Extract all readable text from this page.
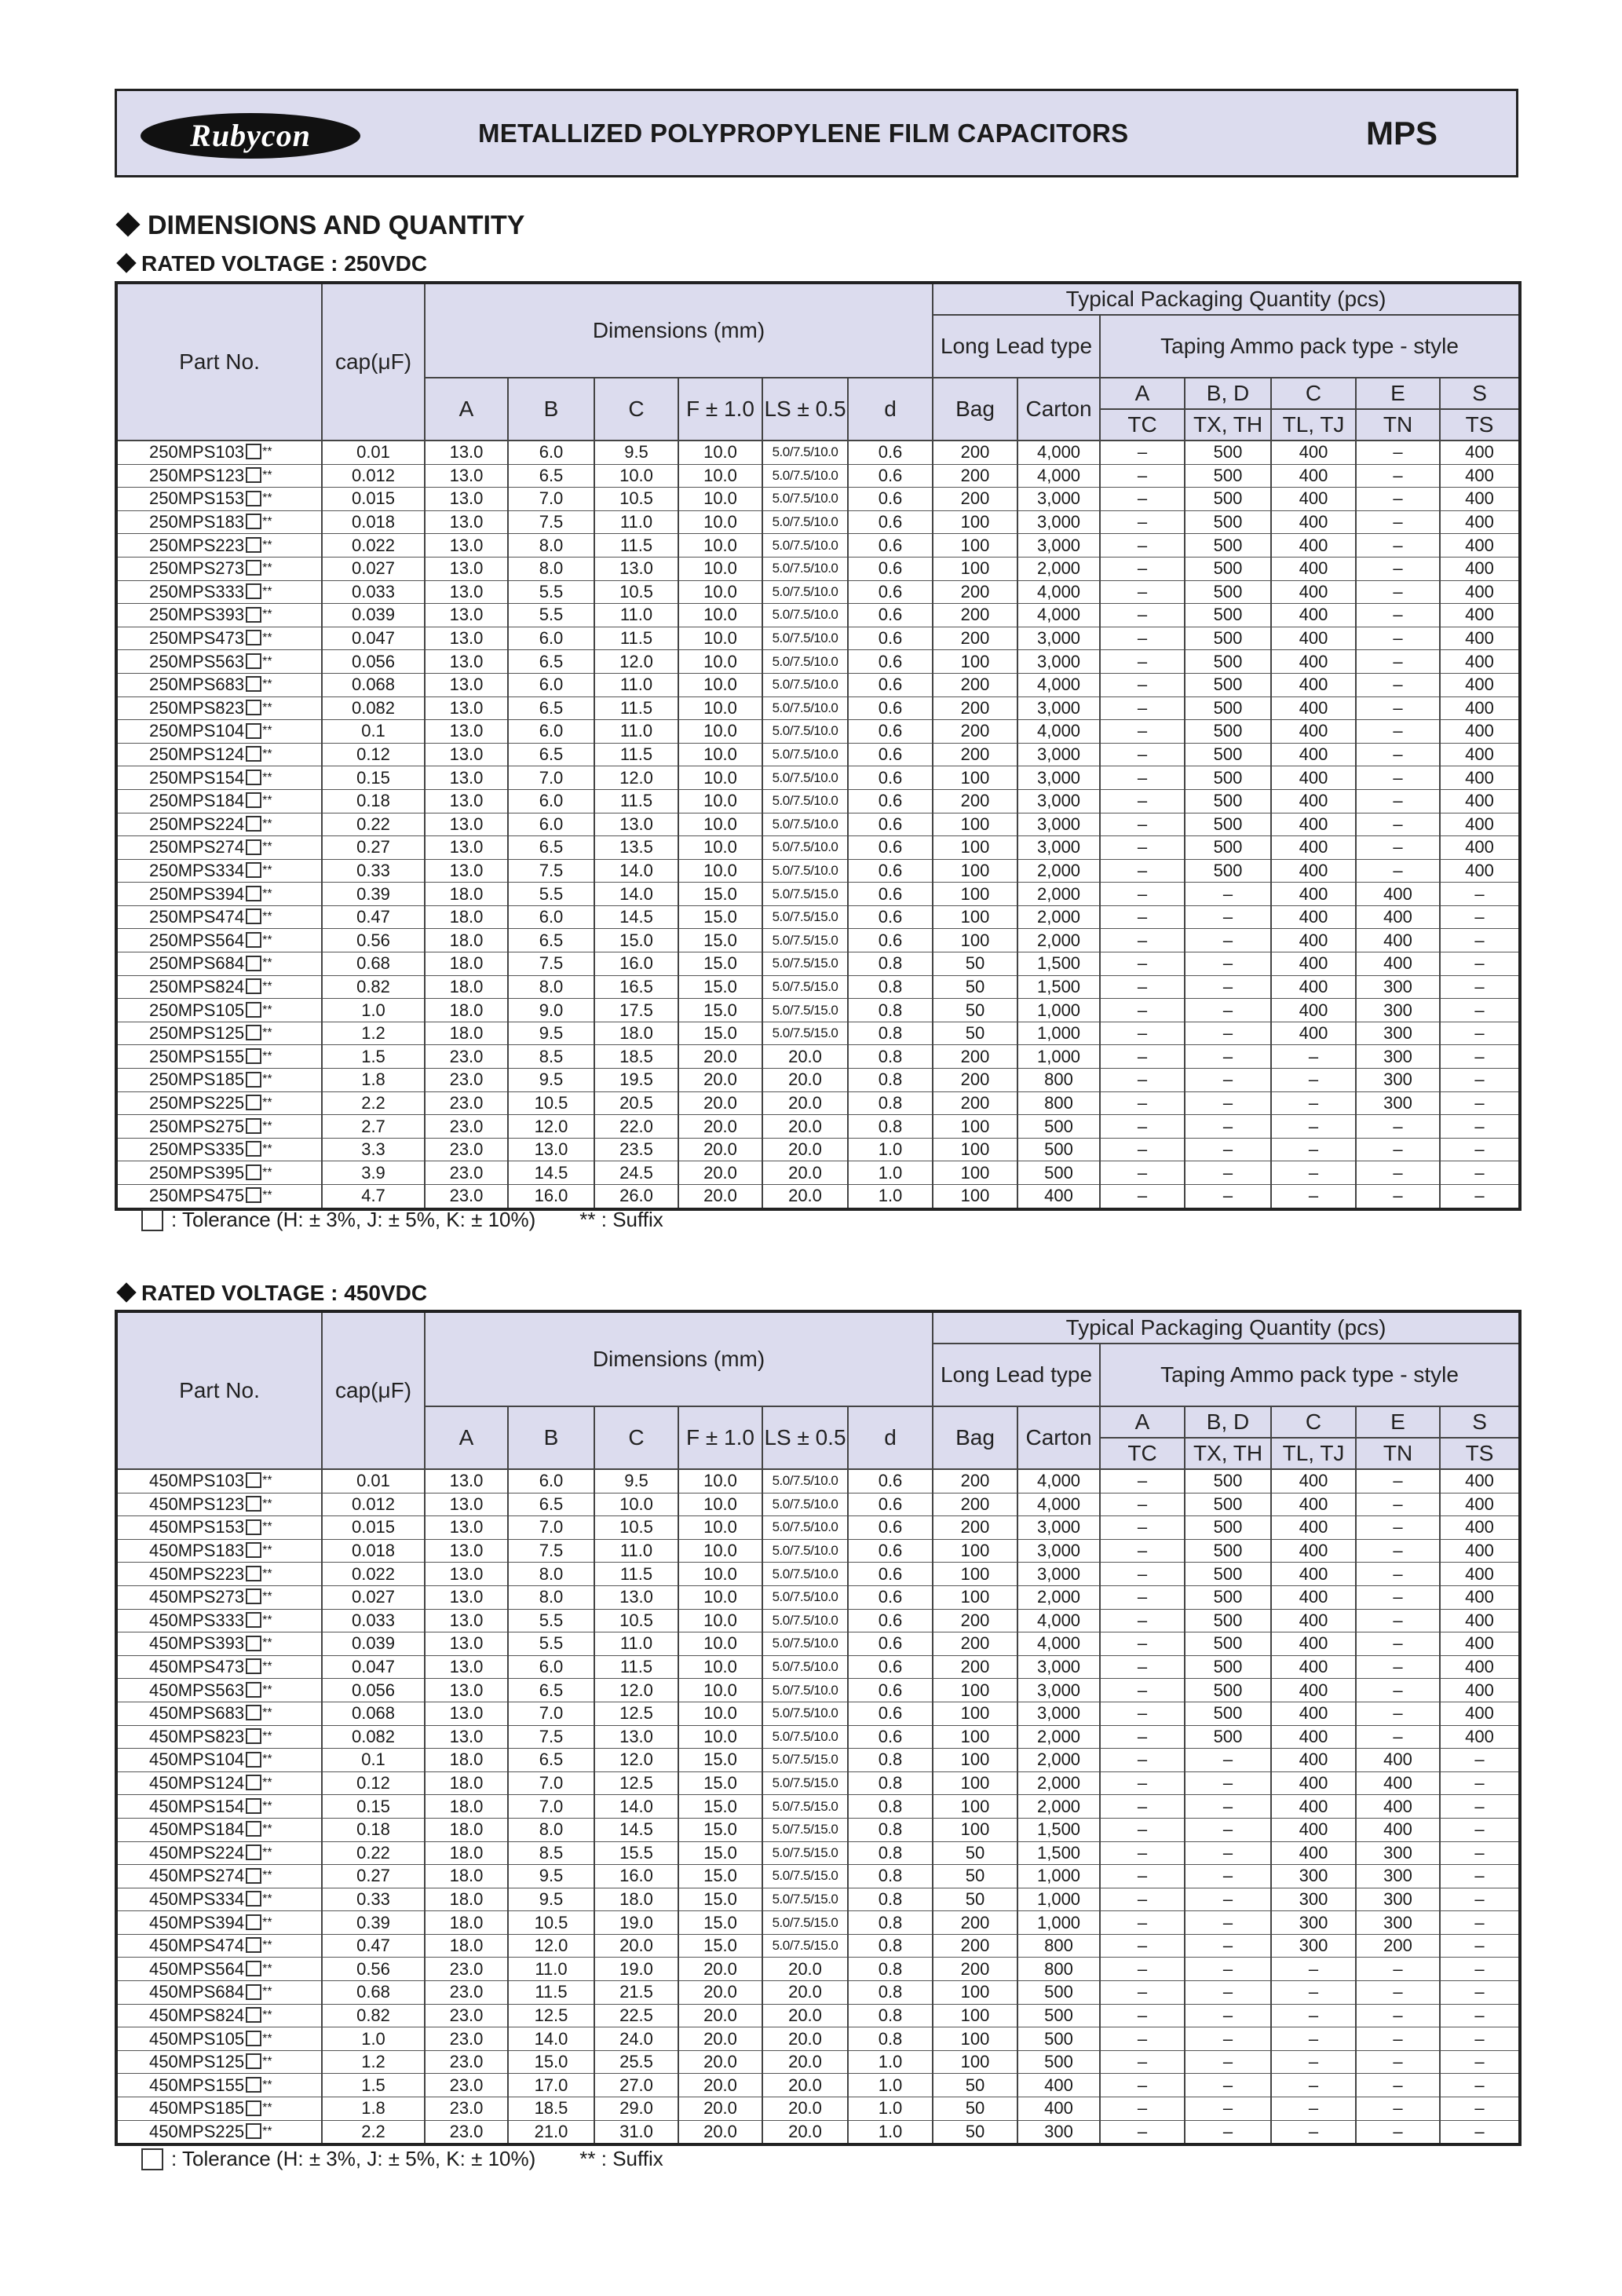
Rubycon	METALLIZED POLYPROPYLENE FILM CAPACITORS	MPS
DIMENSIONS AND QUANTITY
RATED VOLTAGE : 250VDC
Part No.	cap(μF)	Dimensions (mm)						Typical Packaging Quantity (pcs)						
								Long Lead type		Taping Ammo pack type - style				
		A	B	C	F ± 1.0	LS ± 0.5	d	Bag	Carton	A	B, D	C	E	S
										TC	TX, TH	TL, TJ	TN	TS
250MPS103 **	0.01	13.0	6.0	9.5	10.0	5.0/7.5/10.0	0.6	200	4,000	–	500	400	–	400
250MPS123 **	0.012	13.0	6.5	10.0	10.0	5.0/7.5/10.0	0.6	200	4,000	–	500	400	–	400
250MPS153 **	0.015	13.0	7.0	10.5	10.0	5.0/7.5/10.0	0.6	200	3,000	–	500	400	–	400
250MPS183 **	0.018	13.0	7.5	11.0	10.0	5.0/7.5/10.0	0.6	100	3,000	–	500	400	–	400
250MPS223 **	0.022	13.0	8.0	11.5	10.0	5.0/7.5/10.0	0.6	100	3,000	–	500	400	–	400
250MPS273 **	0.027	13.0	8.0	13.0	10.0	5.0/7.5/10.0	0.6	100	2,000	–	500	400	–	400
250MPS333 **	0.033	13.0	5.5	10.5	10.0	5.0/7.5/10.0	0.6	200	4,000	–	500	400	–	400
250MPS393 **	0.039	13.0	5.5	11.0	10.0	5.0/7.5/10.0	0.6	200	4,000	–	500	400	–	400
250MPS473 **	0.047	13.0	6.0	11.5	10.0	5.0/7.5/10.0	0.6	200	3,000	–	500	400	–	400
250MPS563 **	0.056	13.0	6.5	12.0	10.0	5.0/7.5/10.0	0.6	100	3,000	–	500	400	–	400
250MPS683 **	0.068	13.0	6.0	11.0	10.0	5.0/7.5/10.0	0.6	200	4,000	–	500	400	–	400
250MPS823 **	0.082	13.0	6.5	11.5	10.0	5.0/7.5/10.0	0.6	200	3,000	–	500	400	–	400
250MPS104 **	0.1	13.0	6.0	11.0	10.0	5.0/7.5/10.0	0.6	200	4,000	–	500	400	–	400
250MPS124 **	0.12	13.0	6.5	11.5	10.0	5.0/7.5/10.0	0.6	200	3,000	–	500	400	–	400
250MPS154 **	0.15	13.0	7.0	12.0	10.0	5.0/7.5/10.0	0.6	100	3,000	–	500	400	–	400
250MPS184 **	0.18	13.0	6.0	11.5	10.0	5.0/7.5/10.0	0.6	200	3,000	–	500	400	–	400
250MPS224 **	0.22	13.0	6.0	13.0	10.0	5.0/7.5/10.0	0.6	100	3,000	–	500	400	–	400
250MPS274 **	0.27	13.0	6.5	13.5	10.0	5.0/7.5/10.0	0.6	100	3,000	–	500	400	–	400
250MPS334 **	0.33	13.0	7.5	14.0	10.0	5.0/7.5/10.0	0.6	100	2,000	–	500	400	–	400
250MPS394 **	0.39	18.0	5.5	14.0	15.0	5.0/7.5/15.0	0.6	100	2,000	–	–	400	400	–
250MPS474 **	0.47	18.0	6.0	14.5	15.0	5.0/7.5/15.0	0.6	100	2,000	–	–	400	400	–
250MPS564 **	0.56	18.0	6.5	15.0	15.0	5.0/7.5/15.0	0.6	100	2,000	–	–	400	400	–
250MPS684 **	0.68	18.0	7.5	16.0	15.0	5.0/7.5/15.0	0.8	50	1,500	–	–	400	400	–
250MPS824 **	0.82	18.0	8.0	16.5	15.0	5.0/7.5/15.0	0.8	50	1,500	–	–	400	300	–
250MPS105 **	1.0	18.0	9.0	17.5	15.0	5.0/7.5/15.0	0.8	50	1,000	–	–	400	300	–
250MPS125 **	1.2	18.0	9.5	18.0	15.0	5.0/7.5/15.0	0.8	50	1,000	–	–	400	300	–
250MPS155 **	1.5	23.0	8.5	18.5	20.0	20.0	0.8	200	1,000	–	–	–	300	–
250MPS185 **	1.8	23.0	9.5	19.5	20.0	20.0	0.8	200	800	–	–	–	300	–
250MPS225 **	2.2	23.0	10.5	20.5	20.0	20.0	0.8	200	800	–	–	–	300	–
250MPS275 **	2.7	23.0	12.0	22.0	20.0	20.0	0.8	100	500	–	–	–	–	–
250MPS335 **	3.3	23.0	13.0	23.5	20.0	20.0	1.0	100	500	–	–	–	–	–
250MPS395 **	3.9	23.0	14.5	24.5	20.0	20.0	1.0	100	500	–	–	–	–	–
250MPS475 **	4.7	23.0	16.0	26.0	20.0	20.0	1.0	100	400	–	–	–	–	–
: Tolerance (H: ± 3%, J: ± 5%, K: ± 10%) ** : Suffix
RATED VOLTAGE : 450VDC
Part No.	cap(μF)	Dimensions (mm)						Typical Packaging Quantity (pcs)						
								Long Lead type		Taping Ammo pack type - style				
		A	B	C	F ± 1.0	LS ± 0.5	d	Bag	Carton	A	B, D	C	E	S
										TC	TX, TH	TL, TJ	TN	TS
450MPS103 **	0.01	13.0	6.0	9.5	10.0	5.0/7.5/10.0	0.6	200	4,000	–	500	400	–	400
450MPS123 **	0.012	13.0	6.5	10.0	10.0	5.0/7.5/10.0	0.6	200	4,000	–	500	400	–	400
450MPS153 **	0.015	13.0	7.0	10.5	10.0	5.0/7.5/10.0	0.6	200	3,000	–	500	400	–	400
450MPS183 **	0.018	13.0	7.5	11.0	10.0	5.0/7.5/10.0	0.6	100	3,000	–	500	400	–	400
450MPS223 **	0.022	13.0	8.0	11.5	10.0	5.0/7.5/10.0	0.6	100	3,000	–	500	400	–	400
450MPS273 **	0.027	13.0	8.0	13.0	10.0	5.0/7.5/10.0	0.6	100	2,000	–	500	400	–	400
450MPS333 **	0.033	13.0	5.5	10.5	10.0	5.0/7.5/10.0	0.6	200	4,000	–	500	400	–	400
450MPS393 **	0.039	13.0	5.5	11.0	10.0	5.0/7.5/10.0	0.6	200	4,000	–	500	400	–	400
450MPS473 **	0.047	13.0	6.0	11.5	10.0	5.0/7.5/10.0	0.6	200	3,000	–	500	400	–	400
450MPS563 **	0.056	13.0	6.5	12.0	10.0	5.0/7.5/10.0	0.6	100	3,000	–	500	400	–	400
450MPS683 **	0.068	13.0	7.0	12.5	10.0	5.0/7.5/10.0	0.6	100	3,000	–	500	400	–	400
450MPS823 **	0.082	13.0	7.5	13.0	10.0	5.0/7.5/10.0	0.6	100	2,000	–	500	400	–	400
450MPS104 **	0.1	18.0	6.5	12.0	15.0	5.0/7.5/15.0	0.8	100	2,000	–	–	400	400	–
450MPS124 **	0.12	18.0	7.0	12.5	15.0	5.0/7.5/15.0	0.8	100	2,000	–	–	400	400	–
450MPS154 **	0.15	18.0	7.0	14.0	15.0	5.0/7.5/15.0	0.8	100	2,000	–	–	400	400	–
450MPS184 **	0.18	18.0	8.0	14.5	15.0	5.0/7.5/15.0	0.8	100	1,500	–	–	400	400	–
450MPS224 **	0.22	18.0	8.5	15.5	15.0	5.0/7.5/15.0	0.8	50	1,500	–	–	400	300	–
450MPS274 **	0.27	18.0	9.5	16.0	15.0	5.0/7.5/15.0	0.8	50	1,000	–	–	300	300	–
450MPS334 **	0.33	18.0	9.5	18.0	15.0	5.0/7.5/15.0	0.8	50	1,000	–	–	300	300	–
450MPS394 **	0.39	18.0	10.5	19.0	15.0	5.0/7.5/15.0	0.8	200	1,000	–	–	300	300	–
450MPS474 **	0.47	18.0	12.0	20.0	15.0	5.0/7.5/15.0	0.8	200	800	–	–	300	200	–
450MPS564 **	0.56	23.0	11.0	19.0	20.0	20.0	0.8	200	800	–	–	–	–	–
450MPS684 **	0.68	23.0	11.5	21.5	20.0	20.0	0.8	100	500	–	–	–	–	–
450MPS824 **	0.82	23.0	12.5	22.5	20.0	20.0	0.8	100	500	–	–	–	–	–
450MPS105 **	1.0	23.0	14.0	24.0	20.0	20.0	0.8	100	500	–	–	–	–	–
450MPS125 **	1.2	23.0	15.0	25.5	20.0	20.0	1.0	100	500	–	–	–	–	–
450MPS155 **	1.5	23.0	17.0	27.0	20.0	20.0	1.0	50	400	–	–	–	–	–
450MPS185 **	1.8	23.0	18.5	29.0	20.0	20.0	1.0	50	400	–	–	–	–	–
450MPS225 **	2.2	23.0	21.0	31.0	20.0	20.0	1.0	50	300	–	–	–	–	–
: Tolerance (H: ± 3%, J: ± 5%, K: ± 10%) ** : Suffix
